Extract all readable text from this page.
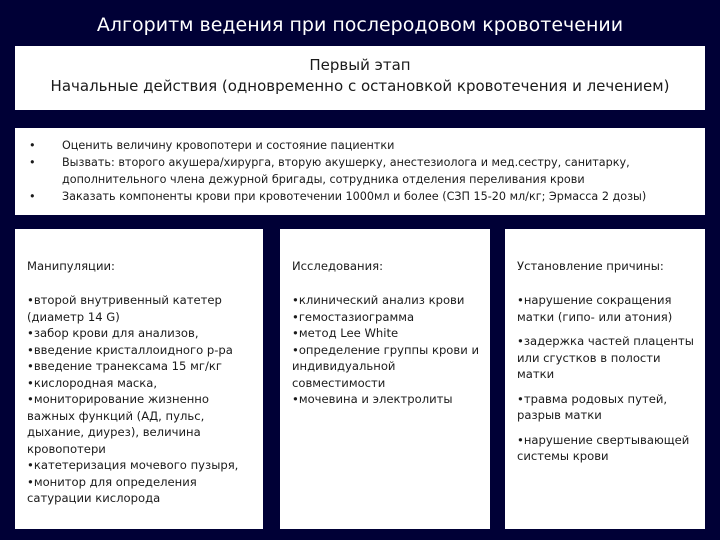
Алгоритм ведения при послеродовом кровотечении
Первый этап
Начальные действия (одновременно с остановкой кровотечения и лечением)
• Оценить величину кровопотери и состояние пациентки
• Вызвать: второго акушера/хирурга, вторую акушерку, анестезиолога и мед.сестру, санитарку, дополнительного члена дежурной бригады, сотрудника отделения переливания крови
• Заказать компоненты крови при кровотечении 1000мл и более (СЗП 15-20 мл/кг; Эрмасса 2 дозы)
Манипуляции:
•второй внутривенный катетер (диаметр 14 G)
•забор крови для анализов,
•введение кристаллоидного р-ра
•введение транексама 15 мг/кг
•кислородная маска,
•мониторирование жизненно важных функций (АД, пульс, дыхание, диурез), величина кровопотери
•катетеризация мочевого пузыря,
•монитор для определения сатурации кислорода
Исследования:
•клинический анализ крови
•гемостазиограмма
•метод Lee White
•определение группы крови и индивидуальной совместимости
•мочевина и электролиты
Установление причины:
•нарушение сокращения матки (гипо- или атония)
•задержка частей плаценты или сгустков в полости матки
•травма родовых путей, разрыв матки
•нарушение свертывающей системы крови
